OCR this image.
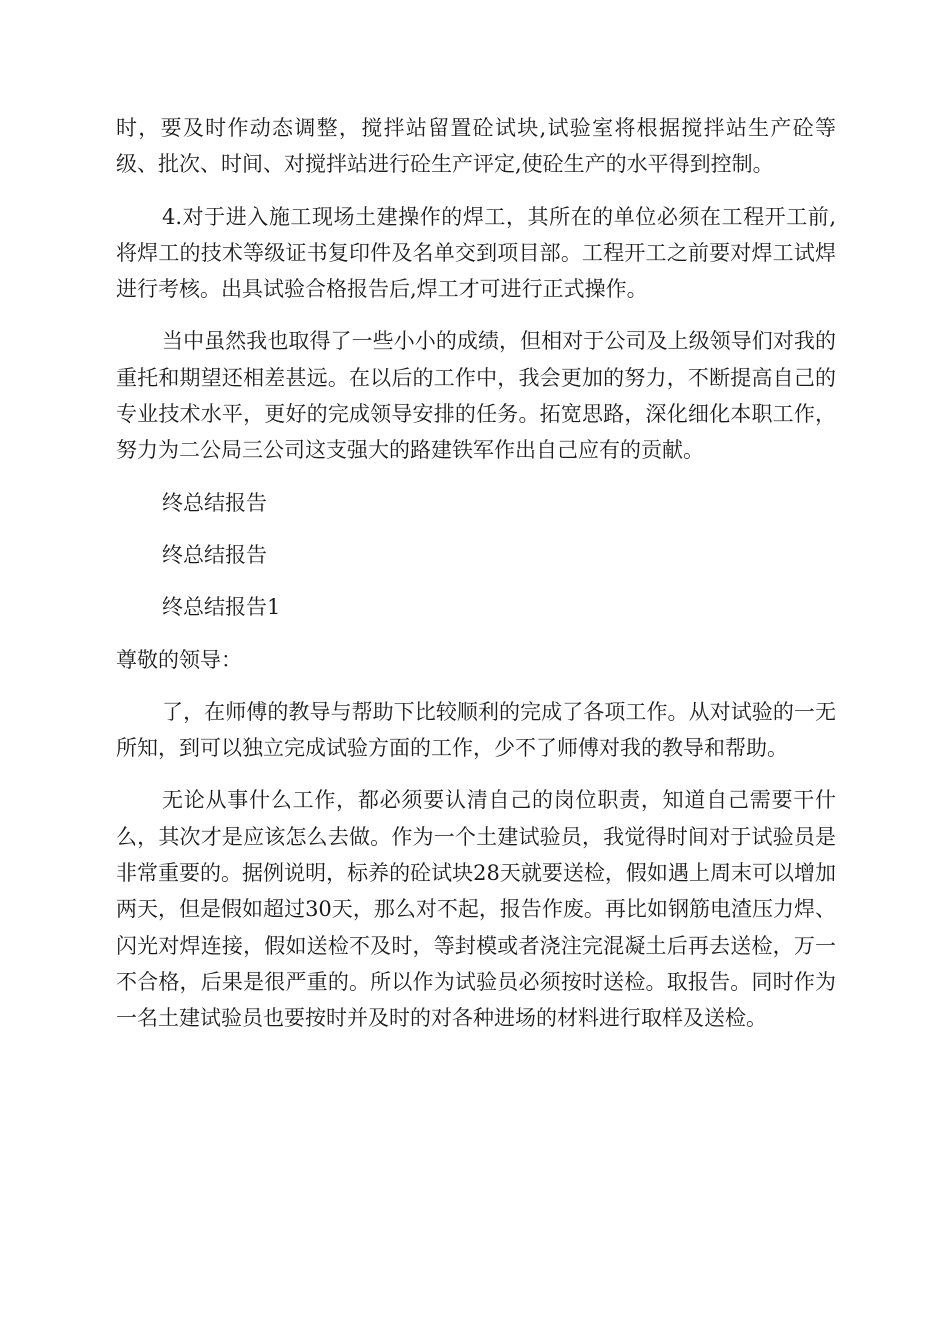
时，要及时作动态调整，搅拌站留置砼试块,试验室将根据搅拌站生产砼等级、批次、时间、对搅拌站进行砼生产评定,使砼生产的水平得到控制。

4.对于进入施工现场土建操作的焊工，其所在的单位必须在工程开工前,将焊工的技术等级证书复印件及名单交到项目部。工程开工之前要对焊工试焊进行考核。出具试验合格报告后,焊工才可进行正式操作。

当中虽然我也取得了一些小小的成绩，但相对于公司及上级领导们对我的重托和期望还相差甚远。在以后的工作中，我会更加的努力，不断提高自己的专业技术水平，更好的完成领导安排的任务。拓宽思路，深化细化本职工作，努力为二公局三公司这支强大的路建铁军作出自己应有的贡献。

终总结报告

终总结报告

终总结报告1

尊敬的领导：

了，在师傅的教导与帮助下比较顺利的完成了各项工作。从对试验的一无所知，到可以独立完成试验方面的工作，少不了师傅对我的教导和帮助。

无论从事什么工作，都必须要认清自己的岗位职责，知道自己需要干什么，其次才是应该怎么去做。作为一个土建试验员，我觉得时间对于试验员是非常重要的。据例说明，标养的砼试块28天就要送检，假如遇上周末可以增加两天，但是假如超过30天，那么对不起，报告作废。再比如钢筋电渣压力焊、闪光对焊连接，假如送检不及时，等封模或者浇注完混凝土后再去送检，万一不合格，后果是很严重的。所以作为试验员必须按时送检。取报告。同时作为一名土建试验员也要按时并及时的对各种进场的材料进行取样及送检。
